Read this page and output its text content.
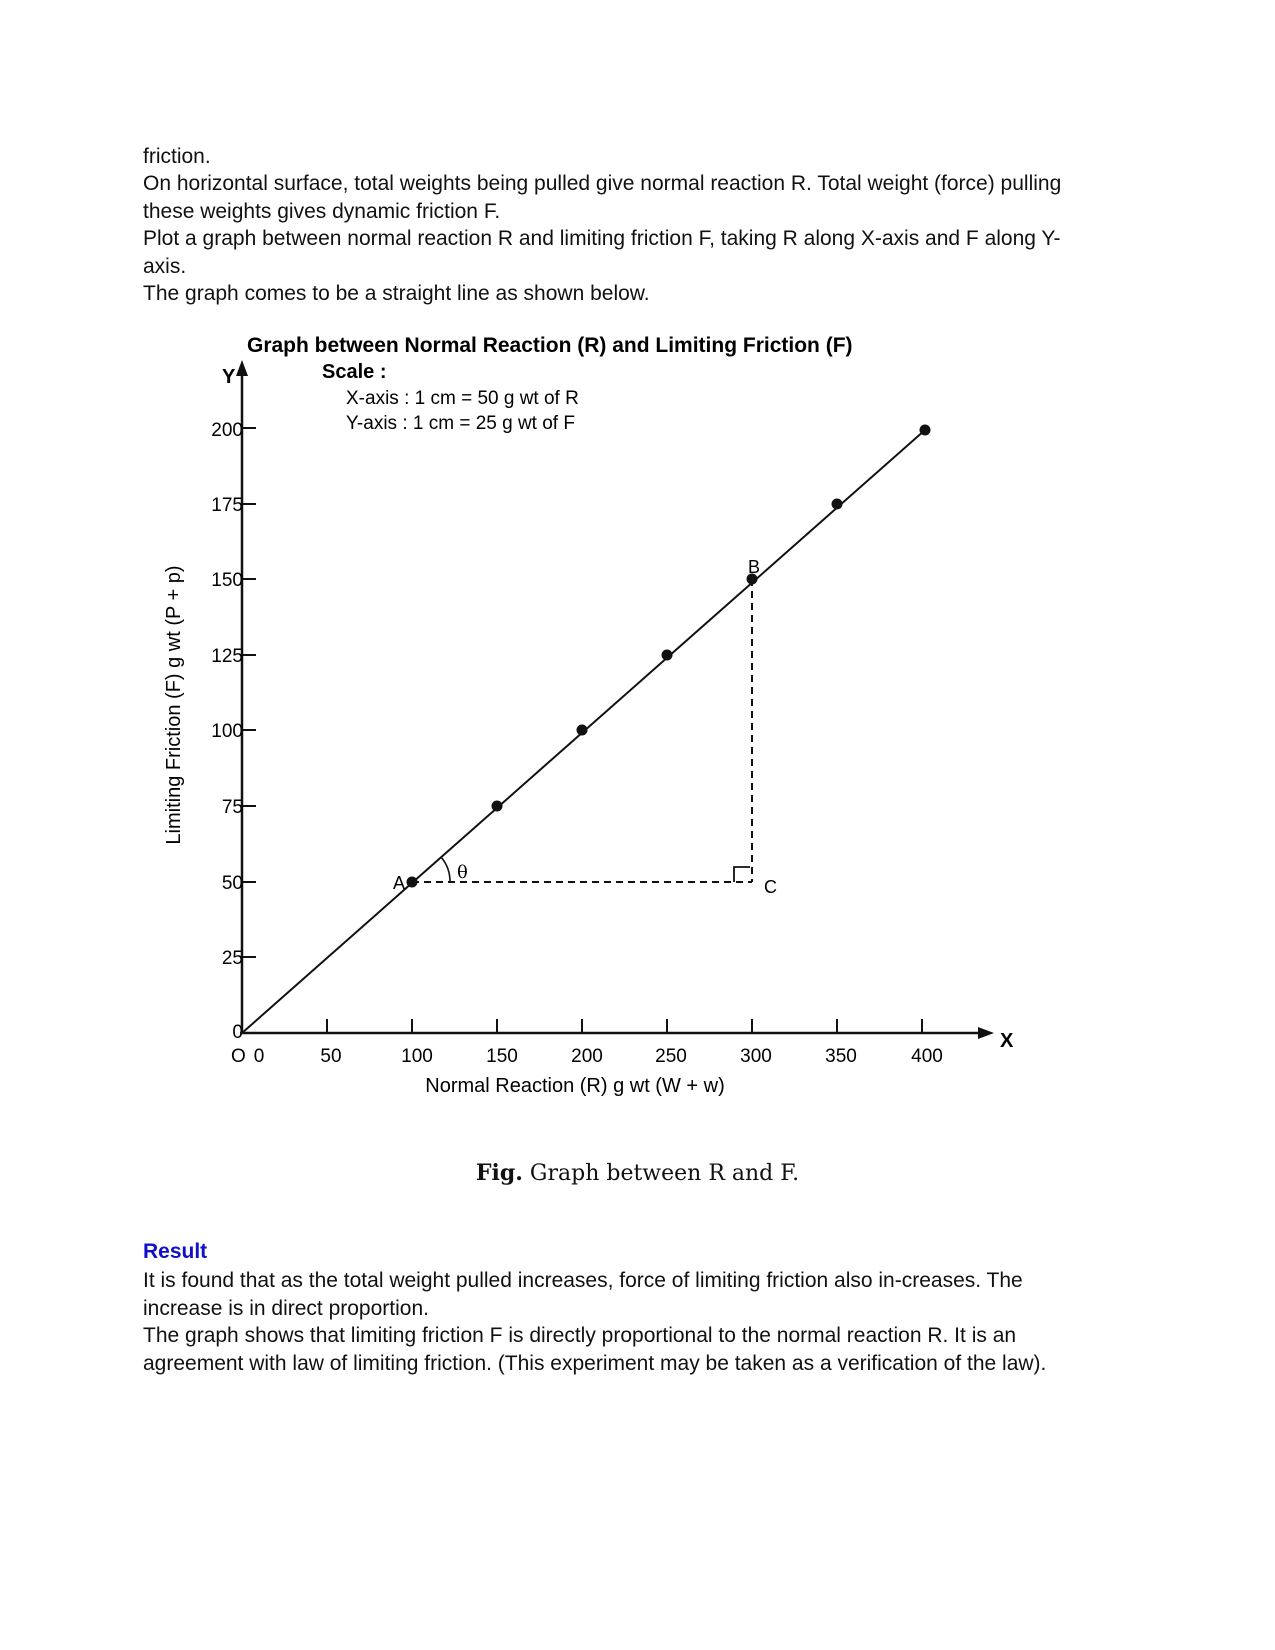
friction.

On horizontal surface, total weights being pulled give normal reaction R. Total weight (force) pulling these weights gives dynamic friction F.

Plot a graph between normal reaction R and limiting friction F, taking R along X-axis and F along Y-axis.

The graph comes to be a straight line as shown below.

Graph between Normal Reaction (R) and Limiting Friction (F)
Scale :
X-axis : 1 cm = 50 g wt of R
Y-axis : 1 cm = 25 g wt of F
Y
0
25
50
75
100
125
150
175
200
Limiting Friction (F) g wt (P + p)
X
O 0	50	100	150	200	250	300	350	400
Normal Reaction (R) g wt (W + w)
A
B
C
θ
Fig. Graph between R and F.

Result

It is found that as the total weight pulled increases, force of limiting friction also in-creases. The increase is in direct proportion.

The graph shows that limiting friction F is directly proportional to the normal reaction R. It is an agreement with law of limiting friction. (This experiment may be taken as a verification of the law).
